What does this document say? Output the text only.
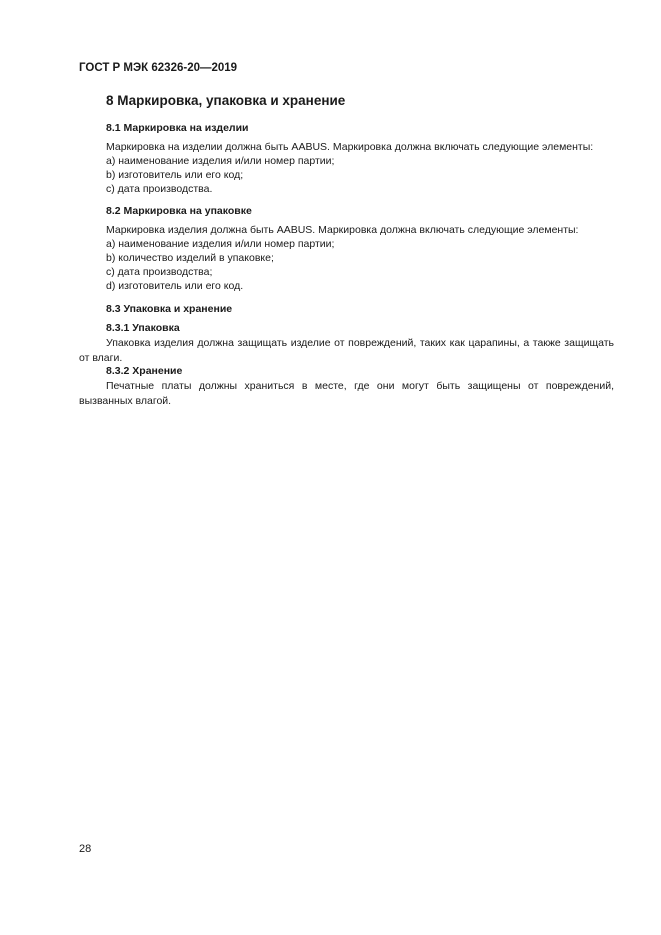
ГОСТ Р МЭК 62326-20—2019
8 Маркировка, упаковка и хранение
8.1 Маркировка на изделии
Маркировка на изделии должна быть AABUS. Маркировка должна включать следующие элементы:
a) наименование изделия и/или номер партии;
b) изготовитель или его код;
c) дата производства.
8.2 Маркировка на упаковке
Маркировка изделия должна быть AABUS. Маркировка должна включать следующие элементы:
a) наименование изделия и/или номер партии;
b) количество изделий в упаковке;
c) дата производства;
d) изготовитель или его код.
8.3 Упаковка и хранение
8.3.1 Упаковка
Упаковка изделия должна защищать изделие от повреждений, таких как царапины, а также защищать от влаги.
8.3.2 Хранение
Печатные платы должны храниться в месте, где они могут быть защищены от повреждений, вызванных влагой.
28
